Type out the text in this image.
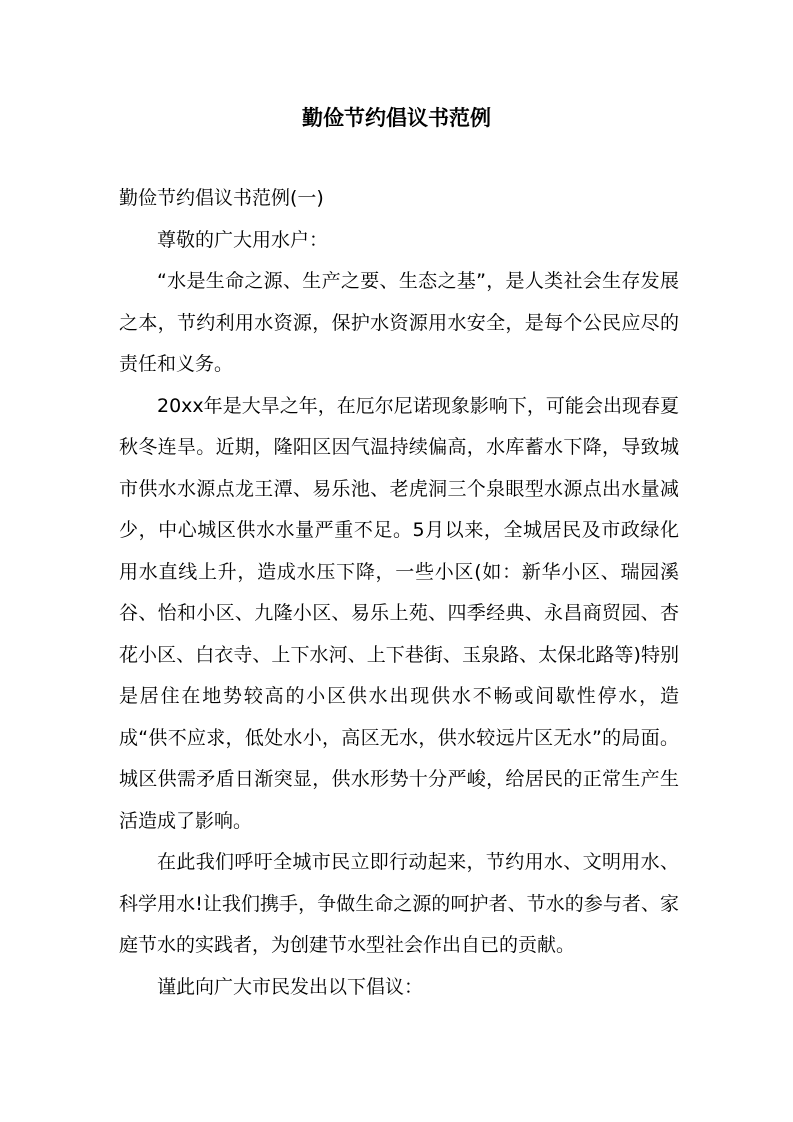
勤俭节约倡议书范例

勤俭节约倡议书范例(一)

尊敬的广大用水户：

“水是生命之源、生产之要、生态之基”，是人类社会生存发展之本，节约利用水资源，保护水资源用水安全，是每个公民应尽的责任和义务。

20xx年是大旱之年，在厄尔尼诺现象影响下，可能会出现春夏秋冬连旱。近期，隆阳区因气温持续偏高，水库蓄水下降，导致城市供水水源点龙王潭、易乐池、老虎洞三个泉眼型水源点出水量减少，中心城区供水水量严重不足。5月以来，全城居民及市政绿化用水直线上升，造成水压下降，一些小区(如：新华小区、瑞园溪谷、怡和小区、九隆小区、易乐上苑、四季经典、永昌商贸园、杏花小区、白衣寺、上下水河、上下巷街、玉泉路、太保北路等)特别是居住在地势较高的小区供水出现供水不畅或间歇性停水，造成“供不应求，低处水小，高区无水，供水较远片区无水”的局面。城区供需矛盾日渐突显，供水形势十分严峻，给居民的正常生产生活造成了影响。

在此我们呼吁全城市民立即行动起来，节约用水、文明用水、科学用水!让我们携手，争做生命之源的呵护者、节水的参与者、家庭节水的实践者，为创建节水型社会作出自已的贡献。

谨此向广大市民发出以下倡议：
